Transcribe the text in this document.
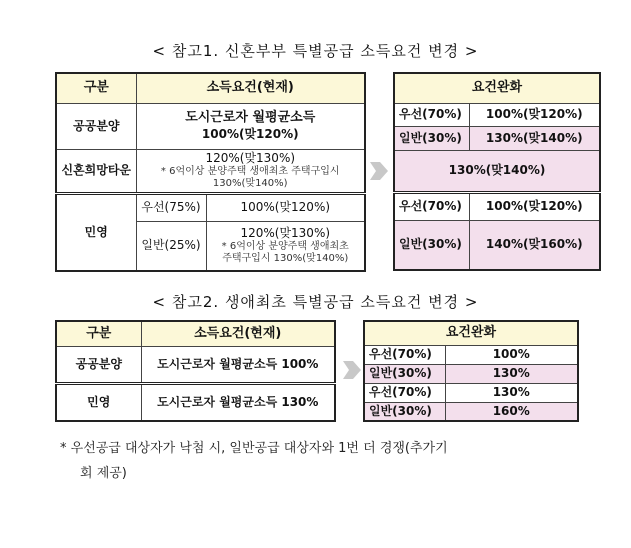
< 참고1. 신혼부부 특별공급 소득요건 변경 >
구분	소득요건(현재)	
공공분양	도시근로자 월평균소득
100%(맞120%)	

신혼희망타운	120%(맞130%)
* 6억이상 분양주택 생애최초 주택구입시
130%(맞140%)	

민영	우선(75%)	100%(맞120%)
	일반(25%)	120%(맞130%)
* 6억이상 분양주택 생애최초
주택구입시 130%(맞140%)
요건완화	
우선(70%)	100%(맞120%)
일반(30%)	130%(맞140%)
130%(맞140%)	
우선(70%)	100%(맞120%)
일반(30%)	140%(맞160%)
< 참고2. 생애최초 특별공급 소득요건 변경 >
구분	소득요건(현재)
공공분양	도시근로자 월평균소득 100%
민영	도시근로자 월평균소득 130%
요건완화	
우선(70%)	100%
일반(30%)	130%
우선(70%)	130%
일반(30%)	160%
* 우선공급 대상자가 낙첨 시, 일반공급 대상자와 1번 더 경쟁(추가기
회 제공)
